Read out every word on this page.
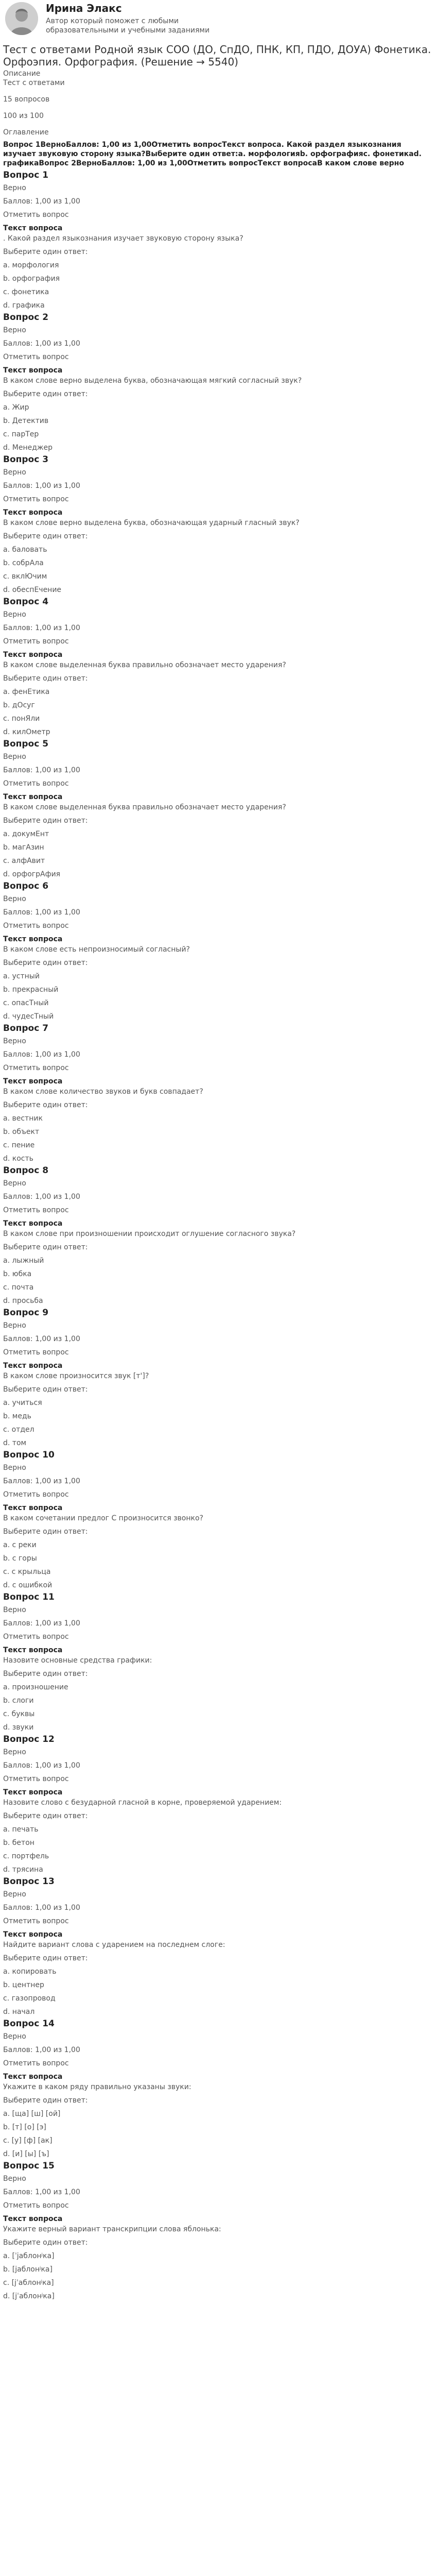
Ирина Элакс
Автор который поможет с любыми образовательными и учебными заданиями
Тест с ответами Родной язык СОО (ДО, СпДО, ПНК, КП, ПДО, ДОУА) Фонетика. Орфоэпия. Орфография. (Решение → 5540)
Описание
Тест с ответами
15 вопросов
100 из 100
Оглавление
Вопрос 1ВерноБаллов: 1,00 из 1,00Отметить вопросТекст вопроса. Какой раздел языкознания изучает звуковую сторону языка?Выберите один ответ:a. морфологияb. орфографияc. фонетикаd. графикаВопрос 2ВерноБаллов: 1,00 из 1,00Отметить вопросТекст вопросаВ каком слове верно
Вопрос 1
Верно
Баллов: 1,00 из 1,00
Отметить вопрос
Текст вопроса
. Какой раздел языкознания изучает звуковую сторону языка?
Выберите один ответ:
a. морфология
b. орфография
c. фонетика
d. графика
Вопрос 2
Верно
Баллов: 1,00 из 1,00
Отметить вопрос
Текст вопроса
В каком слове верно выделена буква, обозначающая мягкий согласный звук?
Выберите один ответ:
a. Жир
b. Детектив
c. парТер
d. Менеджер
Вопрос 3
Верно
Баллов: 1,00 из 1,00
Отметить вопрос
Текст вопроса
В каком слове верно выделена буква, обозначающая ударный гласный звук?
Выберите один ответ:
a. баловать
b. собрАла
c. вклЮчим
d. обеспЕчение
Вопрос 4
Верно
Баллов: 1,00 из 1,00
Отметить вопрос
Текст вопроса
В каком слове выделенная буква правильно обозначает место ударения?
Выберите один ответ:
a. фенЕтика
b. дОсуг
c. понЯли
d. килОметр
Вопрос 5
Верно
Баллов: 1,00 из 1,00
Отметить вопрос
Текст вопроса
В каком слове выделенная буква правильно обозначает место ударения?
Выберите один ответ:
a. докумЕнт
b. магАзин
c. алфАвит
d. орфогрАфия
Вопрос 6
Верно
Баллов: 1,00 из 1,00
Отметить вопрос
Текст вопроса
В каком слове есть непроизносимый согласный?
Выберите один ответ:
a. устный
b. прекрасный
c. опасТный
d. чудесТный
Вопрос 7
Верно
Баллов: 1,00 из 1,00
Отметить вопрос
Текст вопроса
В каком слове количество звуков и букв совпадает?
Выберите один ответ:
a. вестник
b. объект
c. пение
d. кость
Вопрос 8
Верно
Баллов: 1,00 из 1,00
Отметить вопрос
Текст вопроса
В каком слове при произношении происходит оглушение согласного звука?
Выберите один ответ:
a. лыжный
b. юбка
c. почта
d. просьба
Вопрос 9
Верно
Баллов: 1,00 из 1,00
Отметить вопрос
Текст вопроса
В каком слове произносится звук [т']?
Выберите один ответ:
a. учиться
b. медь
c. отдел
d. том
Вопрос 10
Верно
Баллов: 1,00 из 1,00
Отметить вопрос
Текст вопроса
В каком сочетании предлог С произносится звонко?
Выберите один ответ:
a. с реки
b. с горы
c. с крыльца
d. с ошибкой
Вопрос 11
Верно
Баллов: 1,00 из 1,00
Отметить вопрос
Текст вопроса
Назовите основные средства графики:
Выберите один ответ:
a. произношение
b. слоги
c. буквы
d. звуки
Вопрос 12
Верно
Баллов: 1,00 из 1,00
Отметить вопрос
Текст вопроса
Назовите слово с безударной гласной в корне, проверяемой ударением:
Выберите один ответ:
a. печать
b. бетон
c. портфель
d. трясина
Вопрос 13
Верно
Баллов: 1,00 из 1,00
Отметить вопрос
Текст вопроса
Найдите вариант слова с ударением на последнем слоге:
Выберите один ответ:
a. копировать
b. центнер
c. газопровод
d. начал
Вопрос 14
Верно
Баллов: 1,00 из 1,00
Отметить вопрос
Текст вопроса
Укажите в каком ряду правильно указаны звуки:
Выберите один ответ:
a. [ща] [ш] [ой]
b. [т] [о] [э]
c. [у] [ф] [ак]
d. [и] [ы] [ъ]
Вопрос 15
Верно
Баллов: 1,00 из 1,00
Отметить вопрос
Текст вопроса
Укажите верный вариант транскрипции слова яблонька:
Выберите один ответ:
a. [ˈjаблонʲка]
b. [jаблонʲка]
c. [jˈаблонʲка]
d. [jˈаблонʲка]
